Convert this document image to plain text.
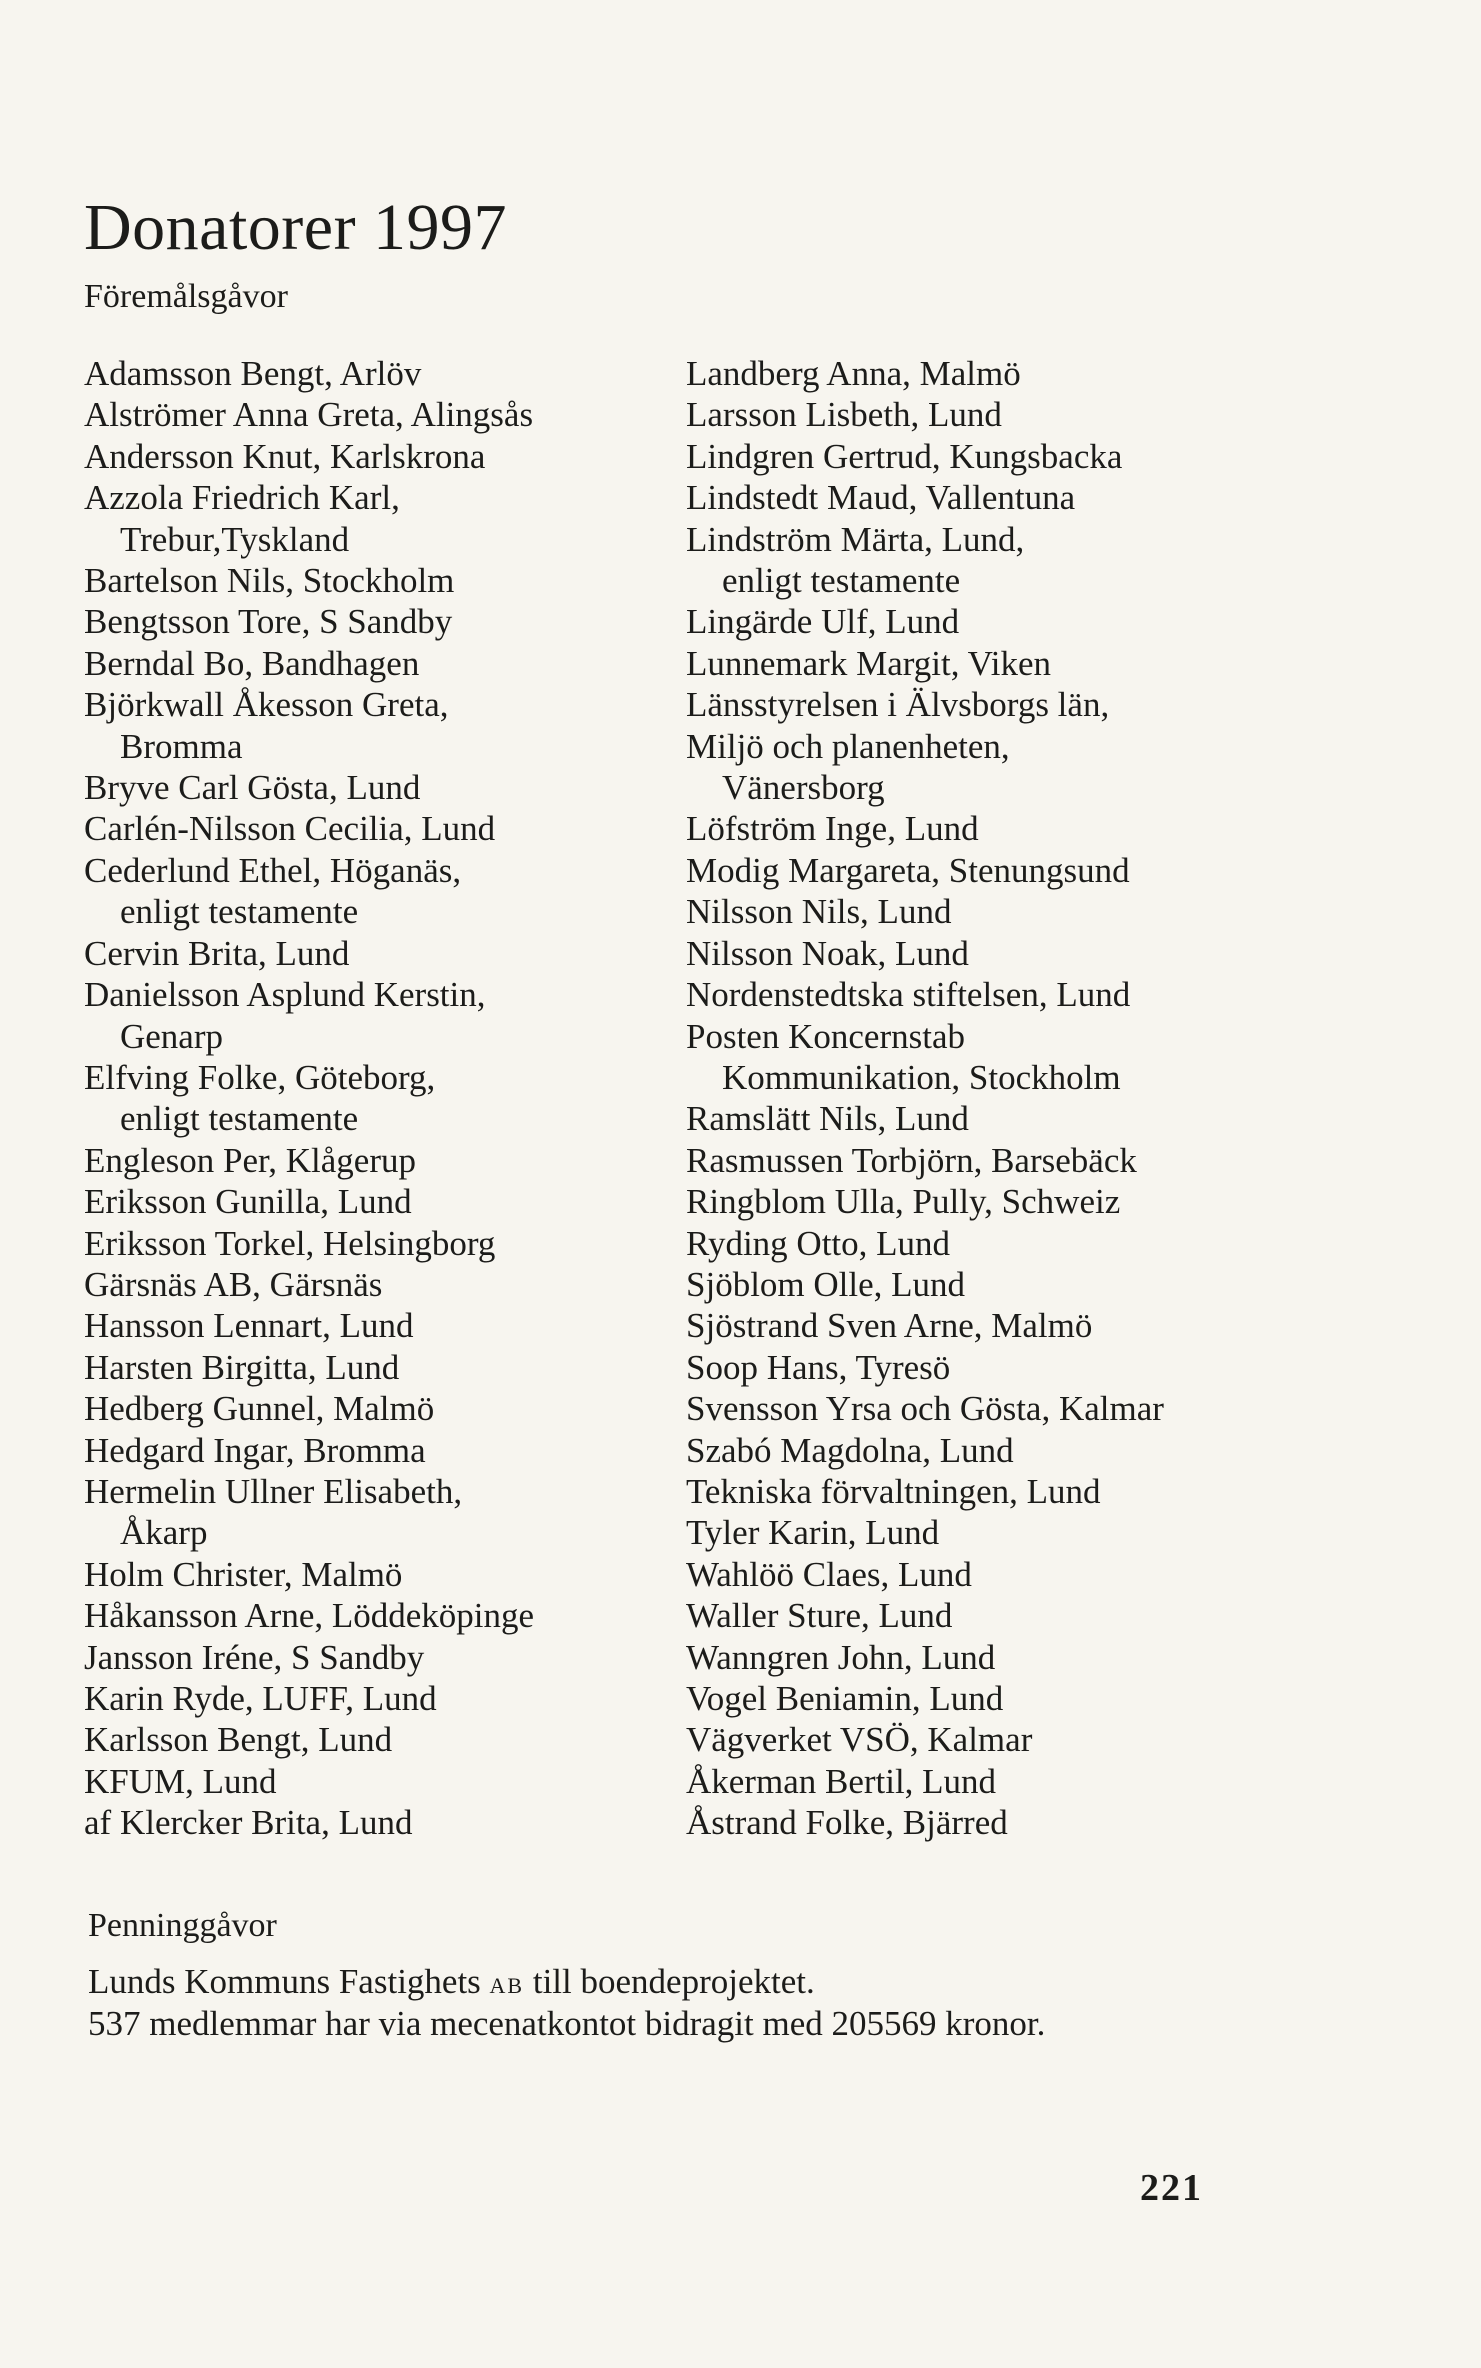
Donatorer 1997
Föremålsgåvor
Adamsson Bengt, Arlöv
Alströmer Anna Greta, Alingsås
Andersson Knut, Karlskrona
Azzola Friedrich Karl,
Trebur,Tyskland
Bartelson Nils, Stockholm
Bengtsson Tore, S Sandby
Berndal Bo, Bandhagen
Björkwall Åkesson Greta,
Bromma
Bryve Carl Gösta, Lund
Carlén-Nilsson Cecilia, Lund
Cederlund Ethel, Höganäs,
enligt testamente
Cervin Brita, Lund
Danielsson Asplund Kerstin,
Genarp
Elfving Folke, Göteborg,
enligt testamente
Engleson Per, Klågerup
Eriksson Gunilla, Lund
Eriksson Torkel, Helsingborg
Gärsnäs AB, Gärsnäs
Hansson Lennart, Lund
Harsten Birgitta, Lund
Hedberg Gunnel, Malmö
Hedgard Ingar, Bromma
Hermelin Ullner Elisabeth,
Åkarp
Holm Christer, Malmö
Håkansson Arne, Löddeköpinge
Jansson Iréne, S Sandby
Karin Ryde, LUFF, Lund
Karlsson Bengt, Lund
KFUM, Lund
af Klercker Brita, Lund
Landberg Anna, Malmö
Larsson Lisbeth, Lund
Lindgren Gertrud, Kungsbacka
Lindstedt Maud, Vallentuna
Lindström Märta, Lund,
enligt testamente
Lingärde Ulf, Lund
Lunnemark Margit, Viken
Länsstyrelsen i Älvsborgs län,
Miljö och planenheten,
Vänersborg
Löfström Inge, Lund
Modig Margareta, Stenungsund
Nilsson Nils, Lund
Nilsson Noak, Lund
Nordenstedtska stiftelsen, Lund
Posten Koncernstab
Kommunikation, Stockholm
Ramslätt Nils, Lund
Rasmussen Torbjörn, Barsebäck
Ringblom Ulla, Pully, Schweiz
Ryding Otto, Lund
Sjöblom Olle, Lund
Sjöstrand Sven Arne, Malmö
Soop Hans, Tyresö
Svensson Yrsa och Gösta, Kalmar
Szabó Magdolna, Lund
Tekniska förvaltningen, Lund
Tyler Karin, Lund
Wahlöö Claes, Lund
Waller Sture, Lund
Wanngren John, Lund
Vogel Beniamin, Lund
Vägverket VSÖ, Kalmar
Åkerman Bertil, Lund
Åstrand Folke, Bjärred
Penninggåvor
Lunds Kommuns Fastighets AB till boendeprojektet.
537 medlemmar har via mecenatkontot bidragit med 205569 kronor.
221
